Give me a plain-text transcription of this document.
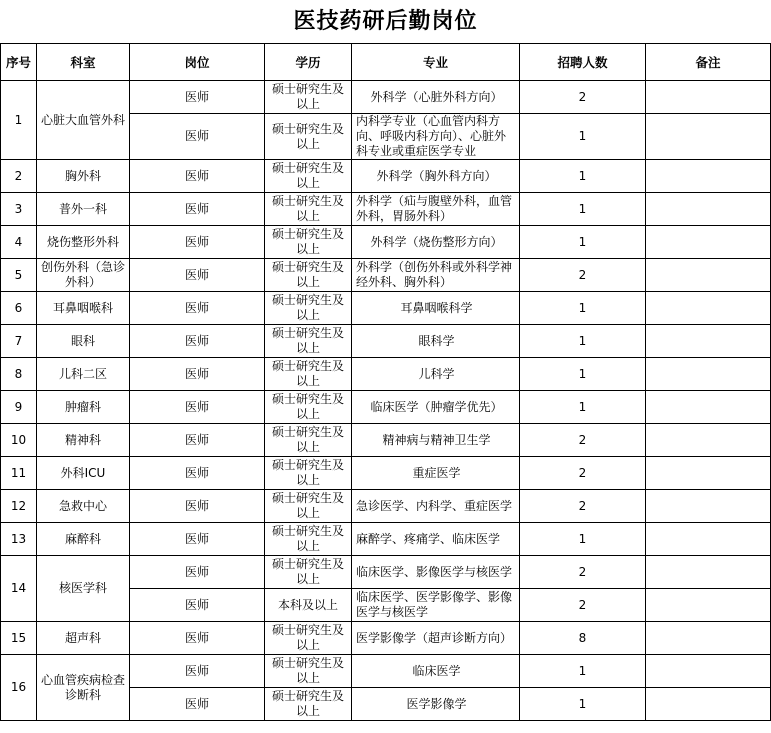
医技药研后勤岗位
序号	科室	岗位	学历	专业	招聘人数	备注
1	心脏大血管外科	医师	硕士研究生及以上	外科学（心脏外科方向）	2	
		医师	硕士研究生及以上	内科学专业（心血管内科方向、呼吸内科方向）、心脏外科专业或重症医学专业	1	
2	胸外科	医师	硕士研究生及以上	外科学（胸外科方向）	1	
3	普外一科	医师	硕士研究生及以上	外科学（疝与腹壁外科，血管外科，胃肠外科）	1	
4	烧伤整形外科	医师	硕士研究生及以上	外科学（烧伤整形方向）	1	
5	创伤外科（急诊外科）	医师	硕士研究生及以上	外科学（创伤外科或外科学神经外科、胸外科）	2	
6	耳鼻咽喉科	医师	硕士研究生及以上	耳鼻咽喉科学	1	
7	眼科	医师	硕士研究生及以上	眼科学	1	
8	儿科二区	医师	硕士研究生及以上	儿科学	1	
9	肿瘤科	医师	硕士研究生及以上	临床医学（肿瘤学优先）	1	
10	精神科	医师	硕士研究生及以上	精神病与精神卫生学	2	
11	外科ICU	医师	硕士研究生及以上	重症医学	2	
12	急救中心	医师	硕士研究生及以上	急诊医学、内科学、重症医学	2	
13	麻醉科	医师	硕士研究生及以上	麻醉学、疼痛学、临床医学	1	
14	核医学科	医师	硕士研究生及以上	临床医学、影像医学与核医学	2	
		医师	本科及以上	临床医学、医学影像学、影像医学与核医学	2	
15	超声科	医师	硕士研究生及以上	医学影像学（超声诊断方向）	8	
16	心血管疾病检查诊断科	医师	硕士研究生及以上	临床医学	1	
		医师	硕士研究生及以上	医学影像学	1	
